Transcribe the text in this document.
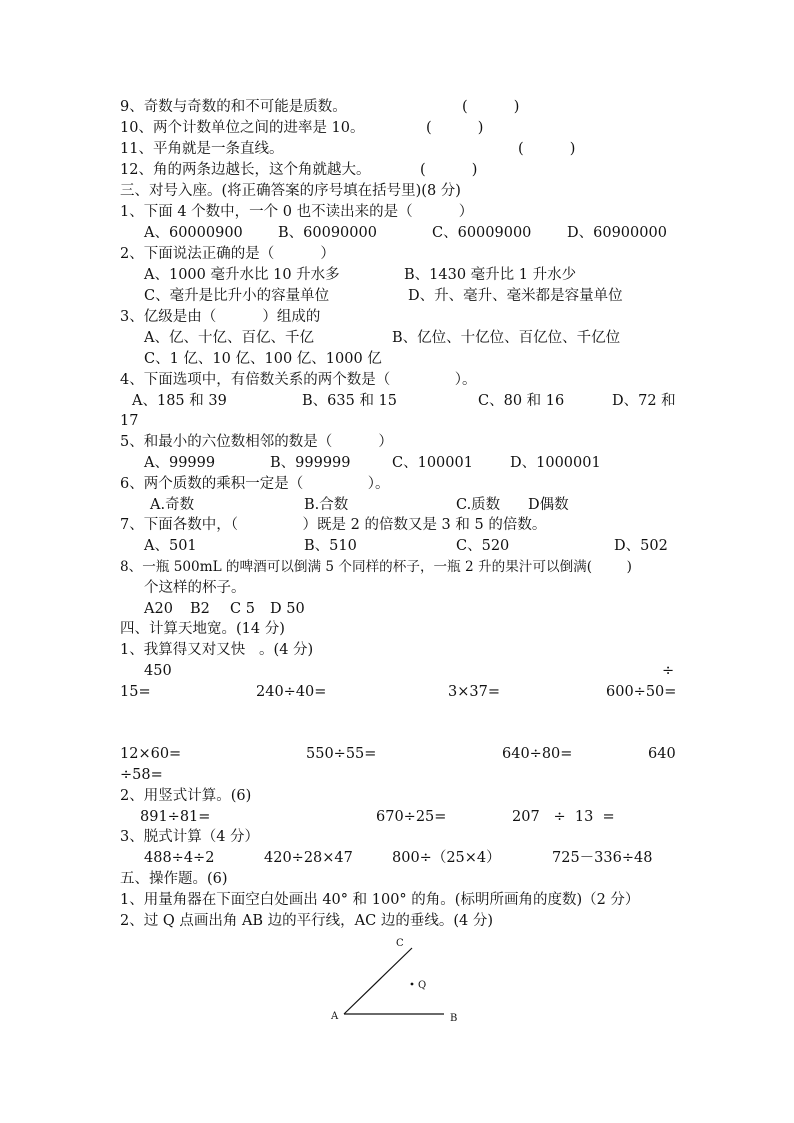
9、奇数与奇数的和不可能是质数。	(          )
10、两个计数单位之间的进率是 10。	(          )
11、平角就是一条直线。	(          )
12、角的两条边越长，这个角就越大。	(          )
三、对号入座。(将正确答案的序号填在括号里)(8 分)
1、下面 4 个数中，一个 0 也不读出来的是（          ）
A、60000900 B、60090000	C、60009000 D、60900000
2、下面说法正确的是（          ）
A、1000 毫升水比 10 升水多	B、1430 毫升比 1 升水少
C、毫升是比升小的容量单位	D、升、毫升、毫米都是容量单位
3、亿级是由（          ）组成的
A、亿、十亿、百亿、千亿	B、亿位、十亿位、百亿位、千亿位
C、1 亿、10 亿、100 亿、1000 亿
4、下面选项中，有倍数关系的两个数是（              ）。
A、185 和 39	B、635 和 15	C、80 和 16	D、72 和
17
5、和最小的六位数相邻的数是（          ）
A、99999	B、999999	C、100001	D、1000001
6、两个质数的乘积一定是（              ）。
A.奇数	B.合数	C.质数 D偶数
7、下面各数中，（              ）既是 2 的倍数又是 3 和 5 的倍数。
A、501	B、510	C、520	D、502
8、一瓶 500mL 的啤酒可以倒满 5 个同样的杯子，一瓶 2 升的果汁可以倒满(        )
个这样的杯子。
A20 B2 C 5 D 50
四、计算天地宽。(14 分)
1、我算得又对又快   。(4 分)
450	÷
15=	240÷40=	3×37=	600÷50=
12×60=	550÷55=	640÷80=	640
÷58=
2、用竖式计算。(6)
891÷81=	670÷25=	207   ÷  13  =
3、脱式计算（4 分）
488÷4÷2	420÷28×47	800÷（25×4）	725－336÷48
五、操作题。(6)
1、用量角器在下面空白处画出 40° 和 100° 的角。(标明所画角的度数)（2 分）
2、过 Q 点画出角 AB 边的平行线，AC 边的垂线。(4 分)
A	B
C
Q
